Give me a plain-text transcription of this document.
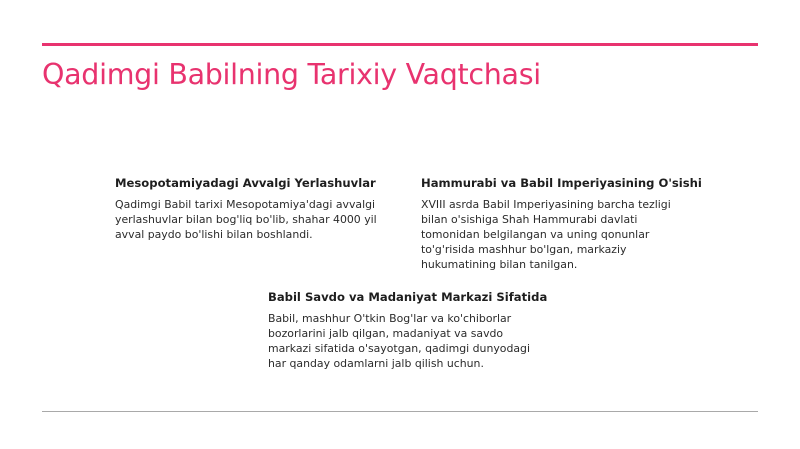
Qadimgi Babilning Tarixiy Vaqtchasi
Mesopotamiyadagi Avvalgi Yerlashuvlar

Qadimgi Babil tarixi Mesopotamiya'dagi avvalgi yerlashuvlar bilan bog'liq bo'lib, shahar 4000 yil avval paydo bo'lishi bilan boshlandi.

Hammurabi va Babil Imperiyasining O'sishi

XVIII asrda Babil Imperiyasining barcha tezligi bilan o'sishiga Shah Hammurabi davlati tomonidan belgilangan va uning qonunlar to'g'risida mashhur bo'lgan, markaziy hukumatining bilan tanilgan.

Babil Savdo va Madaniyat Markazi Sifatida

Babil, mashhur O'tkin Bog'lar va ko'chiborlar bozorlarini jalb qilgan, madaniyat va savdo markazi sifatida o'sayotgan, qadimgi dunyodagi har qanday odamlarni jalb qilish uchun.
